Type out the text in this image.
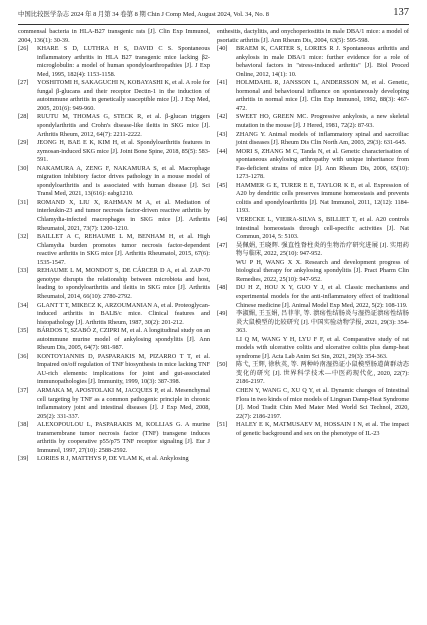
中国比较医学杂志 2024 年 8 月第 34 卷第 8 期 Chin J Comp Med, August 2024, Vol. 34, No. 8	137

commensal bacteria in HLA-B27 transgenic rats [J]. Clin Exp Immunol, 2004, 136(1): 30-39.

[26] KHARE S D, LUTHRA H S, DAVID C S. Spontaneous inflammatory arthritis in HLA B27 transgenic mice lacking β2-microglobulin: a model of human spondyloarthropathies [J]. J Exp Med, 1995, 182(4): 1153-1158.

[27] YOSHITOMI H, SAKAGUCHI N, KOBAYASHI K, et al. A role for fungal β-glucans and their receptor Dectin-1 in the induction of autoimmune arthritis in genetically susceptible mice [J]. J Exp Med, 2005, 201(6): 949-960.

[28] RUUTU M, THOMAS G, STECK R, et al. β-glucan triggers spondylarthritis and Crohn's disease-like ileitis in SKG mice [J]. Arthritis Rheum, 2012, 64(7): 2211-2222.

[29] JEONG H, BAE E K, KIM H, et al. Spondyloarthritis features in zymosan-induced SKG mice [J]. Joint Bone Spine, 2018, 85(5): 583-591.

[30] NAKAMURA A, ZENG F, NAKAMURA S, et al. Macrophage migration inhibitory factor drives pathology in a mouse model of spondyloarthritis and is associated with human disease [J]. Sci Transl Med, 2021, 13(616): eabg1210.

[31] ROMAND X, LIU X, RAHMAN M A, et al. Mediation of interleukin-23 and tumor necrosis factor-driven reactive arthritis by Chlamydia-infected macrophages in SKG mice [J]. Arthritis Rheumatol, 2021, 73(7): 1200-1210.

[32] BAILLET A C, REHAUME L M, BENHAM H, et al. High Chlamydia burden promotes tumor necrosis factor-dependent reactive arthritis in SKG mice [J]. Arthritis Rheumatol, 2015, 67(6): 1535-1547.

[33] REHAUME L M, MONDOT S, DE CÁRCER D A, et al. ZAP-70 genotype disrupts the relationship between microbiota and host, leading to spondyloarthritis and ileitis in SKG mice [J]. Arthritis Rheumatol, 2014, 66(10): 2780-2792.

[34] GLANT T T, MIKECZ K, ARZOUMANIAN A, et al. Proteoglycan-induced arthritis in BALB/c mice. Clinical features and histopathology [J]. Arthritis Rheum, 1987, 30(2): 201-212.

[35] BÁRDOS T, SZABÓ Z, CZIPRI M, et al. A longitudinal study on an autoimmune murine model of ankylosing spondylitis [J]. Ann Rheum Dis, 2005, 64(7): 981-987.

[36] KONTOYIANNIS D, PASPARAKIS M, PIZARRO T T, et al. Impaired on/off regulation of TNF biosynthesis in mice lacking TNF AU-rich elements: implications for joint and gut-associated immunopathologies [J]. Immunity, 1999, 10(3): 387-398.

[37] ARMAKA M, APOSTOLAKI M, JACQUES P, et al. Mesenchymal cell targeting by TNF as a common pathogenic principle in chronic inflammatory joint and intestinal diseases [J]. J Exp Med, 2008, 205(2): 331-337.

[38] ALEXOPOULOU L, PASPARAKIS M, KOLLIAS G. A murine transmembrane tumor necrosis factor (TNF) transgene induces arthritis by cooperative p55/p75 TNF receptor signaling [J]. Eur J Immunol, 1997, 27(10): 2588-2592.

[39] LORIES R J, MATTHYS P, DE VLAM K, et al. Ankylosing

enthesitis, dactylitis, and onychoperiostitis in male DBA/1 mice: a model of psoriatic arthritis [J]. Ann Rheum Dis, 2004, 63(5): 595-598.

[40] BRAEM K, CARTER S, LORIES R J. Spontaneous arthritis and ankylosis in male DBA/1 mice: further evidence for a role of behavioral factors in "stress-induced arthritis" [J]. Biol Proced Online, 2012, 14(1): 10.

[41] HOLMDAHL R, JANSSON L, ANDERSSON M, et al. Genetic, hormonal and behavioural influence on spontaneously developing arthritis in normal mice [J]. Clin Exp Immunol, 1992, 88(3): 467-472.

[42] SWEET HO, GREEN MC. Progressive ankylosis, a new skeletal mutation in the mouse [J]. J Hered, 1981, 72(2): 87-93.

[43] ZHANG Y. Animal models of inflammatory spinal and sacroiliac joint diseases [J]. Rheum Dis Clin North Am, 2003, 29(3): 631-645.

[44] MORI S, ZHANG M C, Tanda N, et al. Genetic characterisation of spontaneous ankylosing arthropathy with unique inheritance from Fas-deficient strains of mice [J]. Ann Rheum Dis, 2006, 65(10): 1273-1278.

[45] HAMMER G E, TURER E E, TAYLOR K E, et al. Expression of A20 by dendritic cells preserves immune homeostasis and prevents colitis and spondyloarthritis [J]. Nat Immunol, 2011, 12(12): 1184-1193.

[46] VERECKE L, VIEIRA-SILVA S, BILLIET T, et al. A20 controls intestinal homeostasis through cell-specific activities [J]. Nat Commun, 2014, 5: 5103.

[47] 吴佩娟, 王晓辉. 强直性脊柱炎的生物治疗研究进展 [J]. 实用药物与临床, 2022, 25(10): 947-952.

WU P H, WANG X X. Research and development progress of biological therapy for ankylosing spondylitis [J]. Pract Pharm Clin Remedies, 2022, 25(10): 947-952.

[48] DU H Z, HOU X Y, GUO Y J, et al. Classic mechanisms and experimental models for the anti-inflammatory effect of traditional Chinese medicine [J]. Animal Model Exp Med, 2022, 5(2): 108-119.

[49] 李淑媚, 王玉娟, 吕菲菲, 等. 溃疡性结肠炎与湿热证溃疡性结肠炎大鼠模型的比较研究 [J]. 中国实验动物学报, 2021, 29(3): 354-363.

LI Q M, WANG Y H, LYU F F, et al. Comparative study of rat models with ulcerative colitis and ulcerative colitis plus damp-heat syndrome [J]. Acta Lab Anim Sci Sin, 2021, 29(3): 354-363.

[50] 陈弋, 王辉, 徐秋英, 等. 两种岭南湿热证小鼠模型肠道菌群动态变化的研究 [J]. 世界科学技术—中医药现代化, 2020, 22(7): 2186-2197.

CHEN Y, WANG C, XU Q Y, et al. Dynamic changes of Intestinal Flora in two kinds of mice models of Lingnan Damp-Heat Syndrome [J]. Mod Tradit Chin Med Mater Med World Sci Technol, 2020, 22(7): 2186-2197.

[51] HALEY E K, MATMUSAEV M, HOSSAIN I N, et al. The impact of genetic background and sex on the phenotype of IL-23
